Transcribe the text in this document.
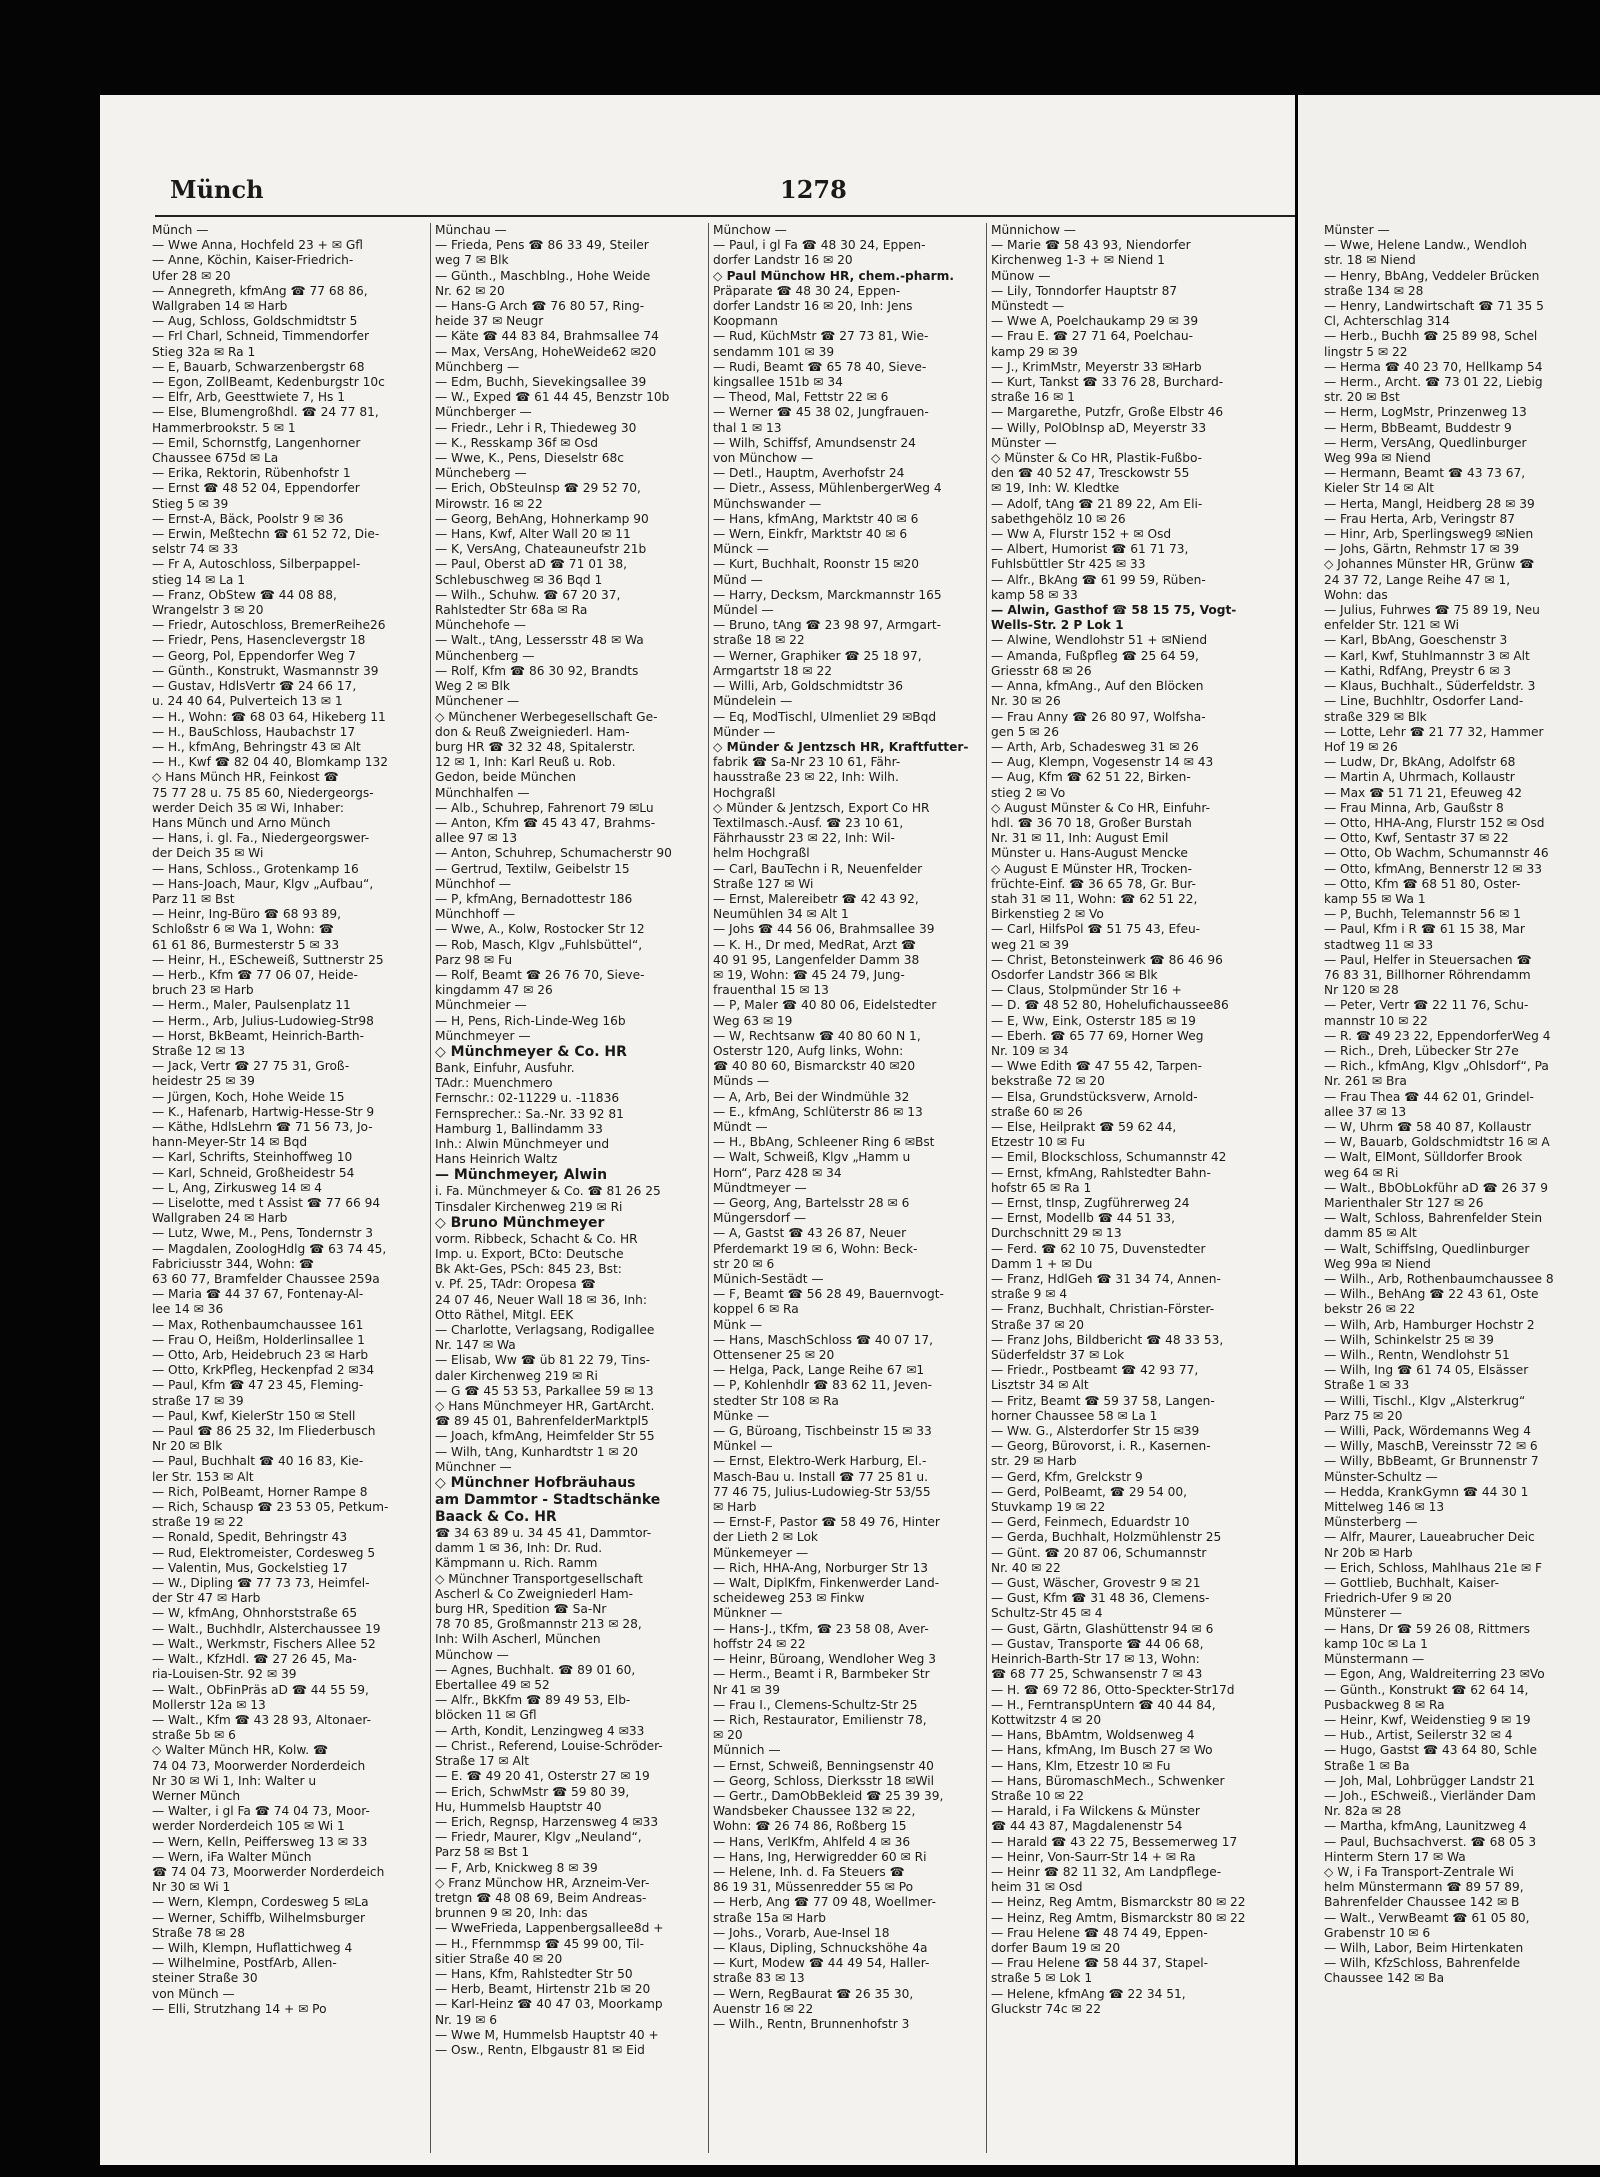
Münch	1278
Münch —
— Wwe Anna, Hochfeld 23 + ✉ Gfl
— Anne, Köchin, Kaiser-Friedrich-
Ufer 28 ✉ 20
— Annegreth, kfmAng ☎ 77 68 86,
Wallgraben 14 ✉ Harb
— Aug, Schloss, Goldschmidtstr 5
— Frl Charl, Schneid, Timmendorfer
Stieg 32a ✉ Ra 1
— E, Bauarb, Schwarzenbergstr 68
— Egon, ZollBeamt, Kedenburgstr 10c
— Elfr, Arb, Geesttwiete 7, Hs 1
— Else, Blumengroßhdl. ☎ 24 77 81,
Hammerbrookstr. 5 ✉ 1
— Emil, Schornstfg, Langenhorner
Chaussee 675d ✉ La
— Erika, Rektorin, Rübenhofstr 1
— Ernst ☎ 48 52 04, Eppendorfer
Stieg 5 ✉ 39
— Ernst-A, Bäck, Poolstr 9 ✉ 36
— Erwin, Meßtechn ☎ 61 52 72, Die-
selstr 74 ✉ 33
— Fr A, Autoschloss, Silberpappel-
stieg 14 ✉ La 1
— Franz, ObStew ☎ 44 08 88,
Wrangelstr 3 ✉ 20
— Friedr, Autoschloss, BremerReihe26
— Friedr, Pens, Hasenclevergstr 18
— Georg, Pol, Eppendorfer Weg 7
— Günth., Konstrukt, Wasmannstr 39
— Gustav, HdlsVertr ☎ 24 66 17,
u. 24 40 64, Pulverteich 13 ✉ 1
— H., Wohn: ☎ 68 03 64, Hikeberg 11
— H., BauSchloss, Haubachstr 17
— H., kfmAng, Behringstr 43 ✉ Alt
— H., Kwf ☎ 82 04 40, Blomkamp 132
◇ Hans Münch HR, Feinkost ☎
75 77 28 u. 75 85 60, Niedergeorgs-
werder Deich 35 ✉ Wi, Inhaber:
Hans Münch und Arno Münch
— Hans, i. gl. Fa., Niedergeorgswer-
der Deich 35 ✉ Wi
— Hans, Schloss., Grotenkamp 16
— Hans-Joach, Maur, Klgv „Aufbau“,
Parz 11 ✉ Bst
— Heinr, Ing-Büro ☎ 68 93 89,
Schloßstr 6 ✉ Wa 1, Wohn: ☎
61 61 86, Burmesterstr 5 ✉ 33
— Heinr, H., EScheweiß, Suttnerstr 25
— Herb., Kfm ☎ 77 06 07, Heide-
bruch 23 ✉ Harb
— Herm., Maler, Paulsenplatz 11
— Herm., Arb, Julius-Ludowieg-Str98
— Horst, BkBeamt, Heinrich-Barth-
Straße 12 ✉ 13
— Jack, Vertr ☎ 27 75 31, Groß-
heidestr 25 ✉ 39
— Jürgen, Koch, Hohe Weide 15
— K., Hafenarb, Hartwig-Hesse-Str 9
— Käthe, HdlsLehrn ☎ 71 56 73, Jo-
hann-Meyer-Str 14 ✉ Bqd
— Karl, Schrifts, Steinhoffweg 10
— Karl, Schneid, Großheidestr 54
— L, Ang, Zirkusweg 14 ✉ 4
— Liselotte, med t Assist ☎ 77 66 94
Wallgraben 24 ✉ Harb
— Lutz, Wwe, M., Pens, Tondernstr 3
— Magdalen, ZoologHdlg ☎ 63 74 45,
Fabriciusstr 344, Wohn: ☎
63 60 77, Bramfelder Chaussee 259a
— Maria ☎ 44 37 67, Fontenay-Al-
lee 14 ✉ 36
— Max, Rothenbaumchaussee 161
— Frau O, Heißm, Holderlinsallee 1
— Otto, Arb, Heidebruch 23 ✉ Harb
— Otto, KrkPfleg, Heckenpfad 2 ✉34
— Paul, Kfm ☎ 47 23 45, Fleming-
straße 17 ✉ 39
— Paul, Kwf, KielerStr 150 ✉ Stell
— Paul ☎ 86 25 32, Im Fliederbusch
Nr 20 ✉ Blk
— Paul, Buchhalt ☎ 40 16 83, Kie-
ler Str. 153 ✉ Alt
— Rich, PolBeamt, Horner Rampe 8
— Rich, Schausp ☎ 23 53 05, Petkum-
straße 19 ✉ 22
— Ronald, Spedit, Behringstr 43
— Rud, Elektromeister, Cordesweg 5
— Valentin, Mus, Gockelstieg 17
— W., Dipling ☎ 77 73 73, Heimfel-
der Str 47 ✉ Harb
— W, kfmAng, Ohnhorststraße 65
— Walt., Buchhdlr, Alsterchaussee 19
— Walt., Werkmstr, Fischers Allee 52
— Walt., KfzHdl. ☎ 27 26 45, Ma-
ria-Louisen-Str. 92 ✉ 39
— Walt., ObFinPräs aD ☎ 44 55 59,
Mollerstr 12a ✉ 13
— Walt., Kfm ☎ 43 28 93, Altonaer-
straße 5b ✉ 6
◇ Walter Münch HR, Kolw. ☎
74 04 73, Moorwerder Norderdeich
Nr 30 ✉ Wi 1, Inh: Walter u
Werner Münch
— Walter, i gl Fa ☎ 74 04 73, Moor-
werder Norderdeich 105 ✉ Wi 1
— Wern, Kelln, Peiffersweg 13 ✉ 33
— Wern, iFa Walter Münch
☎ 74 04 73, Moorwerder Norderdeich
Nr 30 ✉ Wi 1
— Wern, Klempn, Cordesweg 5 ✉La
— Werner, Schiffb, Wilhelmsburger
Straße 78 ✉ 28
— Wilh, Klempn, Huflattichweg 4
— Wilhelmine, PostfArb, Allen-
steiner Straße 30
von Münch —
— Elli, Strutzhang 14 + ✉ Po
Münchau —
— Frieda, Pens ☎ 86 33 49, Steiler
weg 7 ✉ Blk
— Günth., Maschblng., Hohe Weide
Nr. 62 ✉ 20
— Hans-G Arch ☎ 76 80 57, Ring-
heide 37 ✉ Neugr
— Käte ☎ 44 83 84, Brahmsallee 74
— Max, VersAng, HoheWeide62 ✉20
Münchberg —
— Edm, Buchh, Sievekingsallee 39
— W., Exped ☎ 61 44 45, Benzstr 10b
Münchberger —
— Friedr., Lehr i R, Thiedeweg 30
— K., Resskamp 36f ✉ Osd
— Wwe, K., Pens, Dieselstr 68c
Müncheberg —
— Erich, ObSteuInsp ☎ 29 52 70,
Mirowstr. 16 ✉ 22
— Georg, BehAng, Hohnerkamp 90
— Hans, Kwf, Alter Wall 20 ✉ 11
— K, VersAng, Chateauneufstr 21b
— Paul, Oberst aD ☎ 71 01 38,
Schlebuschweg ✉ 36 Bqd 1
— Wilh., Schuhw. ☎ 67 20 37,
Rahlstedter Str 68a ✉ Ra
Münchehofe —
— Walt., tAng, Lessersstr 48 ✉ Wa
Münchenberg —
— Rolf, Kfm ☎ 86 30 92, Brandts
Weg 2 ✉ Blk
Münchener —
◇ Münchener Werbegesellschaft Ge-
don & Reuß Zweigniederl. Ham-
burg HR ☎ 32 32 48, Spitalerstr.
12 ✉ 1, Inh: Karl Reuß u. Rob.
Gedon, beide München
Münchhalfen —
— Alb., Schuhrep, Fahrenort 79 ✉Lu
— Anton, Kfm ☎ 45 43 47, Brahms-
allee 97 ✉ 13
— Anton, Schuhrep, Schumacherstr 90
— Gertrud, Textilw, Geibelstr 15
Münchhof —
— P, kfmAng, Bernadottestr 186
Münchhoff —
— Wwe, A., Kolw, Rostocker Str 12
— Rob, Masch, Klgv „Fuhlsbüttel“,
Parz 98 ✉ Fu
— Rolf, Beamt ☎ 26 76 70, Sieve-
kingdamm 47 ✉ 26
Münchmeier —
— H, Pens, Rich-Linde-Weg 16b
Münchmeyer —
◇ Münchmeyer & Co. HR
Bank, Einfuhr, Ausfuhr.
TAdr.: Muenchmero
Fernschr.: 02-11229 u. -11836
Fernsprecher.: Sa.-Nr. 33 92 81
Hamburg 1, Ballindamm 33
Inh.: Alwin Münchmeyer und
Hans Heinrich Waltz
— Münchmeyer, Alwin
i. Fa. Münchmeyer & Co. ☎ 81 26 25
Tinsdaler Kirchenweg 219 ✉ Ri
◇ Bruno Münchmeyer
vorm. Ribbeck, Schacht & Co. HR
Imp. u. Export, BCto: Deutsche
Bk Akt-Ges, PSch: 845 23, Bst:
v. Pf. 25, TAdr: Oropesa ☎
24 07 46, Neuer Wall 18 ✉ 36, Inh:
Otto Räthel, Mitgl. EEK
— Charlotte, Verlagsang, Rodigallee
Nr. 147 ✉ Wa
— Elisab, Ww ☎ üb 81 22 79, Tins-
daler Kirchenweg 219 ✉ Ri
— G ☎ 45 53 53, Parkallee 59 ✉ 13
◇ Hans Münchmeyer HR, GartArcht.
☎ 89 45 01, BahrenfelderMarktpl5
— Joach, kfmAng, Heimfelder Str 55
— Wilh, tAng, Kunhardtstr 1 ✉ 20
Münchner —
◇ Münchner Hofbräuhaus
am Dammtor - Stadtschänke
Baack & Co. HR
☎ 34 63 89 u. 34 45 41, Dammtor-
damm 1 ✉ 36, Inh: Dr. Rud.
Kämpmann u. Rich. Ramm
◇ Münchner Transportgesellschaft
Ascherl & Co Zweigniederl Ham-
burg HR, Spedition ☎ Sa-Nr
78 70 85, Großmannstr 213 ✉ 28,
Inh: Wilh Ascherl, München
Münchow —
— Agnes, Buchhalt. ☎ 89 01 60,
Ebertallee 49 ✉ 52
— Alfr., BkKfm ☎ 89 49 53, Elb-
blöcken 11 ✉ Gfl
— Arth, Kondit, Lenzingweg 4 ✉33
— Christ., Referend, Louise-Schröder-
Straße 17 ✉ Alt
— E. ☎ 49 20 41, Osterstr 27 ✉ 19
— Erich, SchwMstr ☎ 59 80 39,
Hu, Hummelsb Hauptstr 40
— Erich, Regnsp, Harzensweg 4 ✉33
— Friedr, Maurer, Klgv „Neuland“,
Parz 58 ✉ Bst 1
— F, Arb, Knickweg 8 ✉ 39
◇ Franz Münchow HR, Arzneim-Ver-
tretgn ☎ 48 08 69, Beim Andreas-
brunnen 9 ✉ 20, Inh: das
— WweFrieda, Lappenbergsallee8d +
— H., Ffernmmsp ☎ 45 99 00, Til-
sitier Straße 40 ✉ 20
— Hans, Kfm, Rahlstedter Str 50
— Herb, Beamt, Hirtenstr 21b ✉ 20
— Karl-Heinz ☎ 40 47 03, Moorkamp
Nr. 19 ✉ 6
— Wwe M, Hummelsb Hauptstr 40 +
— Osw., Rentn, Elbgaustr 81 ✉ Eid
Münchow —
— Paul, i gl Fa ☎ 48 30 24, Eppen-
dorfer Landstr 16 ✉ 20
◇ Paul Münchow HR, chem.-pharm.
Präparate ☎ 48 30 24, Eppen-
dorfer Landstr 16 ✉ 20, Inh: Jens
Koopmann
— Rud, KüchMstr ☎ 27 73 81, Wie-
sendamm 101 ✉ 39
— Rudi, Beamt ☎ 65 78 40, Sieve-
kingsallee 151b ✉ 34
— Theod, Mal, Fettstr 22 ✉ 6
— Werner ☎ 45 38 02, Jungfrauen-
thal 1 ✉ 13
— Wilh, Schiffsf, Amundsenstr 24
von Münchow —
— Detl., Hauptm, Averhofstr 24
— Dietr., Assess, MühlenbergerWeg 4
Münchswander —
— Hans, kfmAng, Marktstr 40 ✉ 6
— Wern, Einkfr, Marktstr 40 ✉ 6
Münck —
— Kurt, Buchhalt, Roonstr 15 ✉20
Münd —
— Harry, Decksm, Marckmannstr 165
Mündel —
— Bruno, tAng ☎ 23 98 97, Armgart-
straße 18 ✉ 22
— Werner, Graphiker ☎ 25 18 97,
Armgartstr 18 ✉ 22
— Willi, Arb, Goldschmidtstr 36
Mündelein —
— Eq, ModTischl, Ulmenliet 29 ✉Bqd
Münder —
◇ Münder & Jentzsch HR, Kraftfutter-
fabrik ☎ Sa-Nr 23 10 61, Fähr-
hausstraße 23 ✉ 22, Inh: Wilh.
Hochgraßl
◇ Münder & Jentzsch, Export Co HR
Textilmasch.-Ausf. ☎ 23 10 61,
Fährhausstr 23 ✉ 22, Inh: Wil-
helm Hochgraßl
— Carl, BauTechn i R, Neuenfelder
Straße 127 ✉ Wi
— Ernst, Malereibetr ☎ 42 43 92,
Neumühlen 34 ✉ Alt 1
— Johs ☎ 44 56 06, Brahmsallee 39
— K. H., Dr med, MedRat, Arzt ☎
40 91 95, Langenfelder Damm 38
✉ 19, Wohn: ☎ 45 24 79, Jung-
frauenthal 15 ✉ 13
— P, Maler ☎ 40 80 06, Eidelstedter
Weg 63 ✉ 19
— W, Rechtsanw ☎ 40 80 60 N 1,
Osterstr 120, Aufg links, Wohn:
☎ 40 80 60, Bismarckstr 40 ✉20
Münds —
— A, Arb, Bei der Windmühle 32
— E., kfmAng, Schlüterstr 86 ✉ 13
Mündt —
— H., BbAng, Schleener Ring 6 ✉Bst
— Walt, Schweiß, Klgv „Hamm u
Horn“, Parz 428 ✉ 34
Mündtmeyer —
— Georg, Ang, Bartelsstr 28 ✉ 6
Müngersdorf —
— A, Gastst ☎ 43 26 87, Neuer
Pferdemarkt 19 ✉ 6, Wohn: Beck-
str 20 ✉ 6
Münich-Sestädt —
— F, Beamt ☎ 56 28 49, Bauernvogt-
koppel 6 ✉ Ra
Münk —
— Hans, MaschSchloss ☎ 40 07 17,
Ottensener 25 ✉ 20
— Helga, Pack, Lange Reihe 67 ✉1
— P, Kohlenhdlr ☎ 83 62 11, Jeven-
stedter Str 108 ✉ Ra
Münke —
— G, Büroang, Tischbeinstr 15 ✉ 33
Münkel —
— Ernst, Elektro-Werk Harburg, El.-
Masch-Bau u. Install ☎ 77 25 81 u.
77 46 75, Julius-Ludowieg-Str 53/55
✉ Harb
— Ernst-F, Pastor ☎ 58 49 76, Hinter
der Lieth 2 ✉ Lok
Münkemeyer —
— Rich, HHA-Ang, Norburger Str 13
— Walt, DiplKfm, Finkenwerder Land-
scheideweg 253 ✉ Finkw
Münkner —
— Hans-J., tKfm, ☎ 23 58 08, Aver-
hoffstr 24 ✉ 22
— Heinr, Büroang, Wendloher Weg 3
— Herm., Beamt i R, Barmbeker Str
Nr 41 ✉ 39
— Frau I., Clemens-Schultz-Str 25
— Rich, Restaurator, Emilienstr 78,
✉ 20
Münnich —
— Ernst, Schweiß, Benningsenstr 40
— Georg, Schloss, Dierksstr 18 ✉Wil
— Gertr., DamObBekleid ☎ 25 39 39,
Wandsbeker Chaussee 132 ✉ 22,
Wohn: ☎ 26 74 86, Roßberg 15
— Hans, VerlKfm, Ahlfeld 4 ✉ 36
— Hans, Ing, Herwigredder 60 ✉ Ri
— Helene, Inh. d. Fa Steuers ☎
86 19 31, Müssenredder 55 ✉ Po
— Herb, Ang ☎ 77 09 48, Woellmer-
straße 15a ✉ Harb
— Johs., Vorarb, Aue-Insel 18
— Klaus, Dipling, Schnuckshöhe 4a
— Kurt, Modew ☎ 44 49 54, Haller-
straße 83 ✉ 13
— Wern, RegBaurat ☎ 26 35 30,
Auenstr 16 ✉ 22
— Wilh., Rentn, Brunnenhofstr 3
Münnichow —
— Marie ☎ 58 43 93, Niendorfer
Kirchenweg 1-3 + ✉ Niend 1
Münow —
— Lily, Tonndorfer Hauptstr 87
Münstedt —
— Wwe A, Poelchaukamp 29 ✉ 39
— Frau E. ☎ 27 71 64, Poelchau-
kamp 29 ✉ 39
— J., KrimMstr, Meyerstr 33 ✉Harb
— Kurt, Tankst ☎ 33 76 28, Burchard-
straße 16 ✉ 1
— Margarethe, Putzfr, Große Elbstr 46
— Willy, PolObInsp aD, Meyerstr 33
Münster —
◇ Münster & Co HR, Plastik-Fußbo-
den ☎ 40 52 47, Tresckowstr 55
✉ 19, Inh: W. Kledtke
— Adolf, tAng ☎ 21 89 22, Am Eli-
sabethgehölz 10 ✉ 26
— Ww A, Flurstr 152 + ✉ Osd
— Albert, Humorist ☎ 61 71 73,
Fuhlsbüttler Str 425 ✉ 33
— Alfr., BkAng ☎ 61 99 59, Rüben-
kamp 58 ✉ 33
— Alwin, Gasthof ☎ 58 15 75, Vogt-
Wells-Str. 2 P Lok 1
— Alwine, Wendlohstr 51 + ✉Niend
— Amanda, Fußpfleg ☎ 25 64 59,
Griesstr 68 ✉ 26
— Anna, kfmAng., Auf den Blöcken
Nr. 30 ✉ 26
— Frau Anny ☎ 26 80 97, Wolfsha-
gen 5 ✉ 26
— Arth, Arb, Schadesweg 31 ✉ 26
— Aug, Klempn, Vogesenstr 14 ✉ 43
— Aug, Kfm ☎ 62 51 22, Birken-
stieg 2 ✉ Vo
◇ August Münster & Co HR, Einfuhr-
hdl. ☎ 36 70 18, Großer Burstah
Nr. 31 ✉ 11, Inh: August Emil
Münster u. Hans-August Mencke
◇ August E Münster HR, Trocken-
früchte-Einf. ☎ 36 65 78, Gr. Bur-
stah 31 ✉ 11, Wohn: ☎ 62 51 22,
Birkenstieg 2 ✉ Vo
— Carl, HilfsPol ☎ 51 75 43, Efeu-
weg 21 ✉ 39
— Christ, Betonsteinwerk ☎ 86 46 96
Osdorfer Landstr 366 ✉ Blk
— Claus, Stolpmünder Str 16 +
— D. ☎ 48 52 80, Hohelufichaussee86
— E, Ww, Eink, Osterstr 185 ✉ 19
— Eberh. ☎ 65 77 69, Horner Weg
Nr. 109 ✉ 34
— Wwe Edith ☎ 47 55 42, Tarpen-
bekstraße 72 ✉ 20
— Elsa, Grundstücksverw, Arnold-
straße 60 ✉ 26
— Else, Heilprakt ☎ 59 62 44,
Etzestr 10 ✉ Fu
— Emil, Blockschloss, Schumannstr 42
— Ernst, kfmAng, Rahlstedter Bahn-
hofstr 65 ✉ Ra 1
— Ernst, tInsp, Zugführerweg 24
— Ernst, Modellb ☎ 44 51 33,
Durchschnitt 29 ✉ 13
— Ferd. ☎ 62 10 75, Duvenstedter
Damm 1 + ✉ Du
— Franz, HdlGeh ☎ 31 34 74, Annen-
straße 9 ✉ 4
— Franz, Buchhalt, Christian-Förster-
Straße 37 ✉ 20
— Franz Johs, Bildbericht ☎ 48 33 53,
Süderfeldstr 37 ✉ Lok
— Friedr., Postbeamt ☎ 42 93 77,
Lisztstr 34 ✉ Alt
— Fritz, Beamt ☎ 59 37 58, Langen-
horner Chaussee 58 ✉ La 1
— Ww. G., Alsterdorfer Str 15 ✉39
— Georg, Bürovorst, i. R., Kasernen-
str. 29 ✉ Harb
— Gerd, Kfm, Grelckstr 9
— Gerd, PolBeamt, ☎ 29 54 00,
Stuvkamp 19 ✉ 22
— Gerd, Feinmech, Eduardstr 10
— Gerda, Buchhalt, Holzmühlenstr 25
— Günt. ☎ 20 87 06, Schumannstr
Nr. 40 ✉ 22
— Gust, Wäscher, Grovestr 9 ✉ 21
— Gust, Kfm ☎ 31 48 36, Clemens-
Schultz-Str 45 ✉ 4
— Gust, Gärtn, Glashüttenstr 94 ✉ 6
— Gustav, Transporte ☎ 44 06 68,
Heinrich-Barth-Str 17 ✉ 13, Wohn:
☎ 68 77 25, Schwansenstr 7 ✉ 43
— H. ☎ 69 72 86, Otto-Speckter-Str17d
— H., FerntranspUntern ☎ 40 44 84,
Kottwitzstr 4 ✉ 20
— Hans, BbAmtm, Woldsenweg 4
— Hans, kfmAng, Im Busch 27 ✉ Wo
— Hans, Klm, Etzestr 10 ✉ Fu
— Hans, BüromaschMech., Schwenker
Straße 10 ✉ 22
— Harald, i Fa Wilckens & Münster
☎ 44 43 87, Magdalenenstr 54
— Harald ☎ 43 22 75, Bessemerweg 17
— Heinr, Von-Saurr-Str 14 + ✉ Ra
— Heinr ☎ 82 11 32, Am Landpflege-
heim 31 ✉ Osd
— Heinz, Reg Amtm, Bismarckstr 80 ✉ 22
— Heinz, Reg Amtm, Bismarckstr 80 ✉ 22
— Frau Helene ☎ 48 74 49, Eppen-
dorfer Baum 19 ✉ 20
— Frau Helene ☎ 58 44 37, Stapel-
straße 5 ✉ Lok 1
— Helene, kfmAng ☎ 22 34 51,
Gluckstr 74c ✉ 22
Münster —
— Wwe, Helene Landw., Wendloh
str. 18 ✉ Niend
— Henry, BbAng, Veddeler Brücken
straße 134 ✉ 28
— Henry, Landwirtschaft ☎ 71 35 5
Cl, Achterschlag 314
— Herb., Buchh ☎ 25 89 98, Schel
lingstr 5 ✉ 22
— Herma ☎ 40 23 70, Hellkamp 54
— Herm., Archt. ☎ 73 01 22, Liebig
str. 20 ✉ Bst
— Herm, LogMstr, Prinzenweg 13
— Herm, BbBeamt, Buddestr 9
— Herm, VersAng, Quedlinburger
Weg 99a ✉ Niend
— Hermann, Beamt ☎ 43 73 67,
Kieler Str 14 ✉ Alt
— Herta, Mangl, Heidberg 28 ✉ 39
— Frau Herta, Arb, Veringstr 87
— Hinr, Arb, Sperlingsweg9 ✉Nien
— Johs, Gärtn, Rehmstr 17 ✉ 39
◇ Johannes Münster HR, Grünw ☎
24 37 72, Lange Reihe 47 ✉ 1,
Wohn: das
— Julius, Fuhrwes ☎ 75 89 19, Neu
enfelder Str. 121 ✉ Wi
— Karl, BbAng, Goeschenstr 3
— Karl, Kwf, Stuhlmannstr 3 ✉ Alt
— Kathi, RdfAng, Preystr 6 ✉ 3
— Klaus, Buchhalt., Süderfeldstr. 3
— Line, Buchhltr, Osdorfer Land-
straße 329 ✉ Blk
— Lotte, Lehr ☎ 21 77 32, Hammer
Hof 19 ✉ 26
— Ludw, Dr, BkAng, Adolfstr 68
— Martin A, Uhrmach, Kollaustr
— Max ☎ 51 71 21, Efeuweg 42
— Frau Minna, Arb, Gaußstr 8
— Otto, HHA-Ang, Flurstr 152 ✉ Osd
— Otto, Kwf, Sentastr 37 ✉ 22
— Otto, Ob Wachm, Schumannstr 46
— Otto, kfmAng, Bennerstr 12 ✉ 33
— Otto, Kfm ☎ 68 51 80, Oster-
kamp 55 ✉ Wa 1
— P, Buchh, Telemannstr 56 ✉ 1
— Paul, Kfm i R ☎ 61 15 38, Mar
stadtweg 11 ✉ 33
— Paul, Helfer in Steuersachen ☎
76 83 31, Billhorner Röhrendamm
Nr 120 ✉ 28
— Peter, Vertr ☎ 22 11 76, Schu-
mannstr 10 ✉ 22
— R. ☎ 49 23 22, EppendorferWeg 4
— Rich., Dreh, Lübecker Str 27e
— Rich., kfmAng, Klgv „Ohlsdorf“, Pa
Nr. 261 ✉ Bra
— Frau Thea ☎ 44 62 01, Grindel-
allee 37 ✉ 13
— W, Uhrm ☎ 58 40 87, Kollaustr
— W, Bauarb, Goldschmidtstr 16 ✉ A
— Walt, ElMont, Sülldorfer Brook
weg 64 ✉ Ri
— Walt., BbObLokführ aD ☎ 26 37 9
Marienthaler Str 127 ✉ 26
— Walt, Schloss, Bahrenfelder Stein
damm 85 ✉ Alt
— Walt, SchiffsIng, Quedlinburger
Weg 99a ✉ Niend
— Wilh., Arb, Rothenbaumchaussee 8
— Wilh., BehAng ☎ 22 43 61, Oste
bekstr 26 ✉ 22
— Wilh, Arb, Hamburger Hochstr 2
— Wilh, Schinkelstr 25 ✉ 39
— Wilh., Rentn, Wendlohstr 51
— Wilh, Ing ☎ 61 74 05, Elsässer
Straße 1 ✉ 33
— Willi, Tischl., Klgv „Alsterkrug“
Parz 75 ✉ 20
— Willi, Pack, Wördemanns Weg 4
— Willy, MaschB, Vereinsstr 72 ✉ 6
— Willy, BbBeamt, Gr Brunnenstr 7
Münster-Schultz —
— Hedda, KrankGymn ☎ 44 30 1
Mittelweg 146 ✉ 13
Münsterberg —
— Alfr, Maurer, Laueabrucher Deic
Nr 20b ✉ Harb
— Erich, Schloss, Mahlhaus 21e ✉ F
— Gottlieb, Buchhalt, Kaiser-
Friedrich-Ufer 9 ✉ 20
Münsterer —
— Hans, Dr ☎ 59 26 08, Rittmers
kamp 10c ✉ La 1
Münstermann —
— Egon, Ang, Waldreiterring 23 ✉Vo
— Günth., Konstrukt ☎ 62 64 14,
Pusbackweg 8 ✉ Ra
— Heinr, Kwf, Weidenstieg 9 ✉ 19
— Hub., Artist, Seilerstr 32 ✉ 4
— Hugo, Gastst ☎ 43 64 80, Schle
Straße 1 ✉ Ba
— Joh, Mal, Lohbrügger Landstr 21
— Joh., ESchweiß., Vierländer Dam
Nr. 82a ✉ 28
— Martha, kfmAng, Launitzweg 4
— Paul, Buchsachverst. ☎ 68 05 3
Hinterm Stern 17 ✉ Wa
◇ W, i Fa Transport-Zentrale Wi
helm Münstermann ☎ 89 57 89,
Bahrenfelder Chaussee 142 ✉ B
— Walt., VerwBeamt ☎ 61 05 80,
Grabenstr 10 ✉ 6
— Wilh, Labor, Beim Hirtenkaten
— Wilh, KfzSchloss, Bahrenfelde
Chaussee 142 ✉ Ba
